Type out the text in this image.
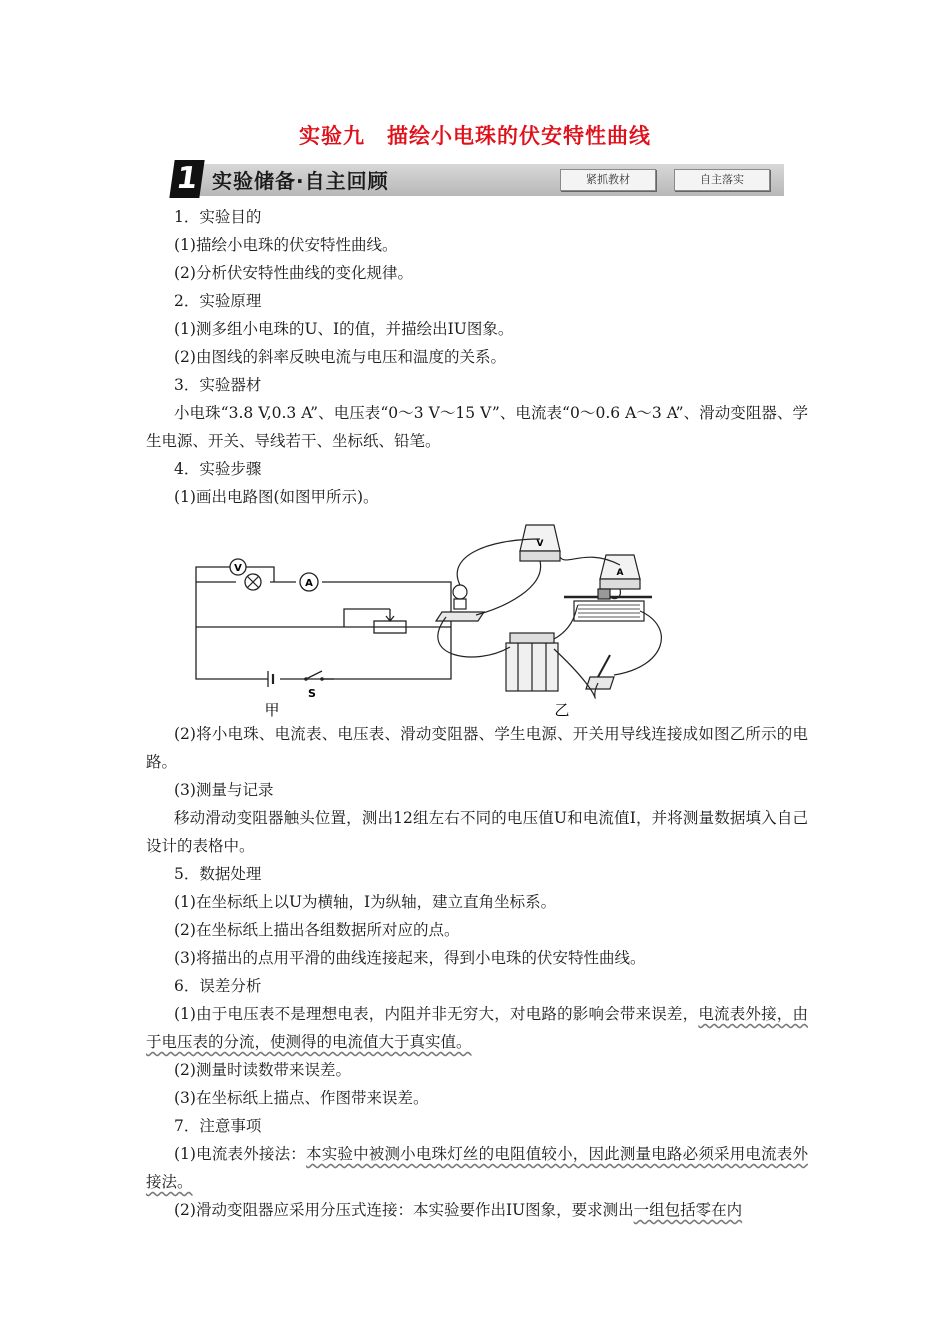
实验九　描绘小电珠的伏安特性曲线
1 实验储备·自主回顾	紧抓教材	自主落实

1．实验目的

(1)描绘小电珠的伏安特性曲线。

(2)分析伏安特性曲线的变化规律。

2．实验原理

(1)测多组小电珠的U、I的值，并描绘出IU图象。

(2)由图线的斜率反映电流与电压和温度的关系。

3．实验器材

小电珠“3.8 V,0.3 A”、电压表“0～3 V～15 V”、电流表“0～0.6 A～3 A”、滑动变阻器、学生电源、开关、导线若干、坐标纸、铅笔。

4．实验步骤

(1)画出电路图(如图甲所示)。

V
A
S
甲
V
A
乙

(2)将小电珠、电流表、电压表、滑动变阻器、学生电源、开关用导线连接成如图乙所示的电路。

(3)测量与记录

移动滑动变阻器触头位置，测出12组左右不同的电压值U和电流值I，并将测量数据填入自己设计的表格中。

5．数据处理

(1)在坐标纸上以U为横轴，I为纵轴，建立直角坐标系。

(2)在坐标纸上描出各组数据所对应的点。

(3)将描出的点用平滑的曲线连接起来，得到小电珠的伏安特性曲线。

6．误差分析

(1)由于电压表不是理想电表，内阻并非无穷大，对电路的影响会带来误差，电流表外接，由于电压表的分流，使测得的电流值大于真实值。

(2)测量时读数带来误差。

(3)在坐标纸上描点、作图带来误差。

7．注意事项

(1)电流表外接法：本实验中被测小电珠灯丝的电阻值较小，因此测量电路必须采用电流表外接法。

(2)滑动变阻器应采用分压式连接：本实验要作出IU图象，要求测出一组包括零在内
